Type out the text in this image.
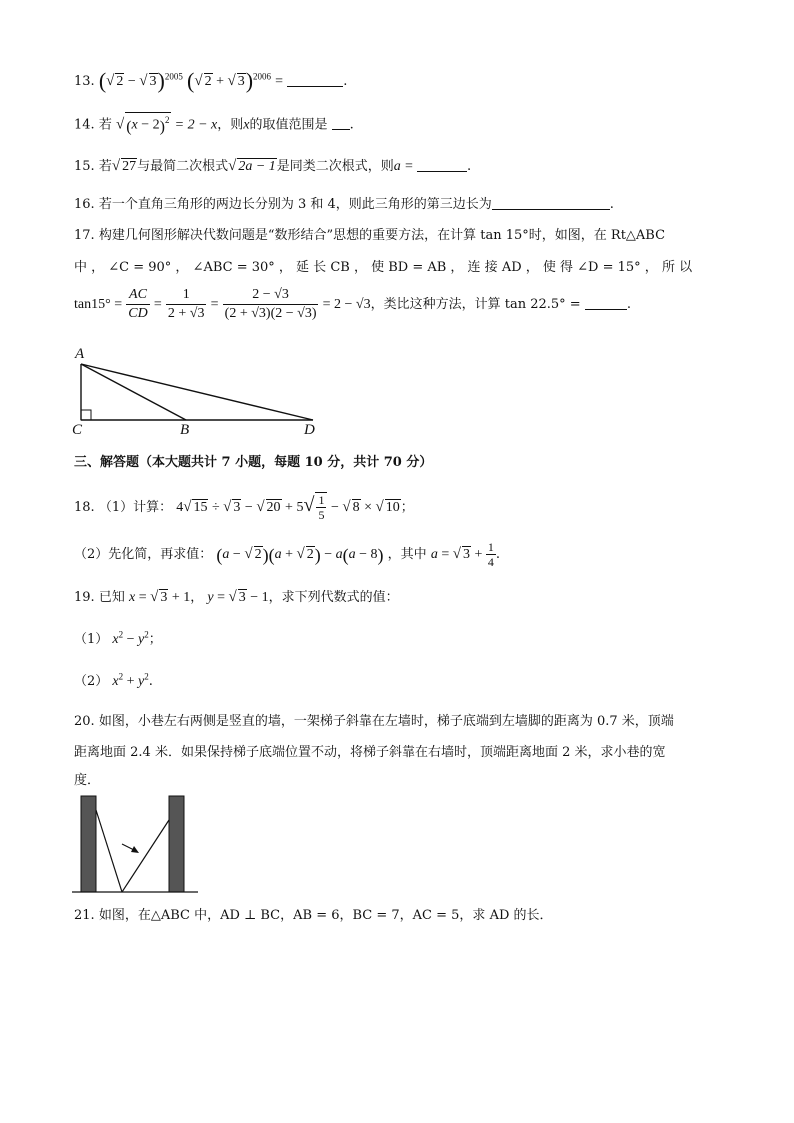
13. (√ 2 − √ 3)$^{2005}$ (√ 2 + √ 3)$^{2006}$ =	.
14. 若 √ $(x - 2)^2 = 2 - x$，则x的取值范围是 .
15. 若√ 27与最简二次根式√ 2a − 1是同类二次根式，则a =	.
16. 若一个直角三角形的两边长分别为 3 和 4，则此三角形的第三边长为	.
17. 构建几何图形解决代数问题是“数形结合”思想的重要方法，在计算 tan 15°时，如图，在 Rt△ABC
中 ， ∠C = 90° ， ∠ABC = 30° ， 延 长 CB ， 使 BD = AB ， 连 接 AD ， 使 得 ∠D = 15° ， 所 以
$\tan 15^\circ = \frac{AC}{CD} = \frac{1}{2 + √3} = \frac{2 - √3}{(2 + √3)(2 - √3)} = 2 - √3$，类比这种方法，计算 tan 22.5° =	.
A
C	B	D
三、解答题（本大题共计 7 小题，每题 10 分，共计 70 分）
18. （1）计算： 4√ 15 ÷ √ 3 − √ $20 + 5√ \frac{1}{5}$ − √ 8 × √ 10；
（2）先化简，再求值： (a − √ 2)(a + √ 2) − a(a − 8) ，其中 a = √ $3 + \frac{1}{4}$ .
19. 已知 x = √ 3 + 1， y = √ 3 − 1，求下列代数式的值：
（1） $x^2 - y^2$；
（2） $x^2 + y^2$.
20. 如图，小巷左右两侧是竖直的墙，一架梯子斜靠在左墙时，梯子底端到左墙脚的距离为 0.7 米，顶端
距离地面 2.4 米．如果保持梯子底端位置不动，将梯子斜靠在右墙时，顶端距离地面 2 米，求小巷的宽
度．
21. 如图，在△ABC 中，AD ⊥ BC，AB = 6，BC = 7，AC = 5，求 AD 的长．
